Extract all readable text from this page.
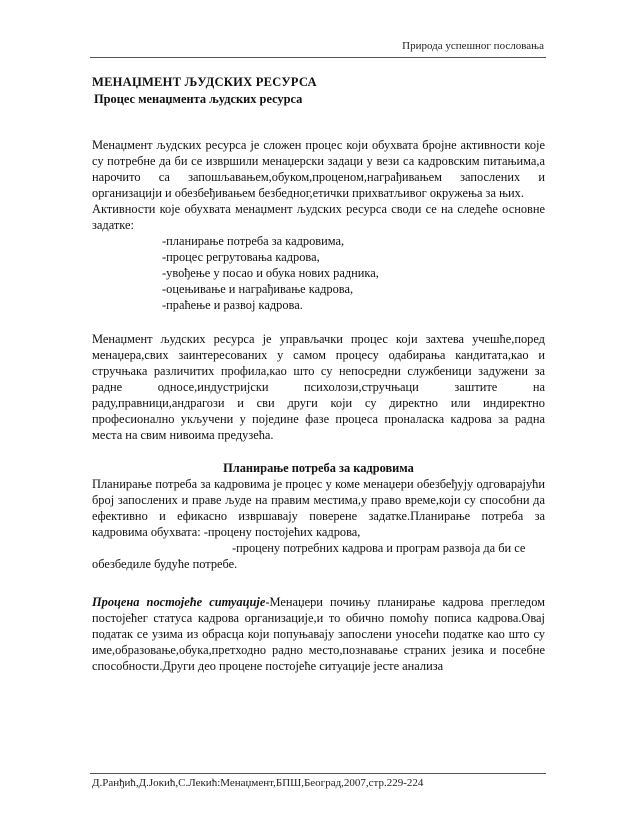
Природа успешног пословања
МЕНАЏМЕНТ ЉУДСКИХ РЕСУРСА
Процес менаџмента људских ресурса

Менаџмент људских ресурса је сложен процес који обухвата бројне активности које су потребне да би се извршили менаџерски задаци у вези са кадровским питањима,а нарочито са запошљавањем,обуком,процeном,награђивањем запослених и организацији и обезбеђивањем безбедног,етички прихватљивог окружења за њих.

Активности које обухвата менаџмент људских ресурса своди се на следеће основне задатке:

-планирање потреба за кадровима,
-процес регрутовања кадрова,
-увођење у посао и обука нових радника,
-оцењивање и награђивање кадрова,
-праћење и развој кадрова.

Менаџмент људских ресурса је управљачки процес који захтева учешће,поред менаџера,свих заинтересованих у самом процесу одабирања кандитата,као и стручњака различитих профила,као што су непосредни службеници задужени за радне односе,индустријски психолози,стручњаци заштите на раду,правници,андрагози и сви други који су директно или индиректно професионално укључени у поједине фазе процеса проналаска кадрова за радна места на свим нивоима предузећа.

Планирање потреба за кадровима

Планирање потреба за кадровима је процес у коме менаџери обезбеђују одговарајући број запослених и праве људе на правим местима,у право време,који су способни да ефективно и ефикасно извршавају поверене задатке.Планирање потреба за кадровима обухвата: -процену постојећих кадрова,

-процену потребних кадрова и програм развоја да би се

обезбедиле будуће потребе.

Процена постојеће ситуације-Менаџери почињу планирање кадрова прегледом постојећег статуса кадрова организације,и то обично помоћу пописа кадрова.Овај податак се узима из обрасца који попуњавају запослени уносећи податке као што су име,образовање,обука,претходно радно место,познавање страних језика и посебне способности.Други део процене постојеће ситуације јесте анализа

Д.Ранђић,Д.Јокић,С.Лекић:Менаџмент,БПШ,Београд,2007,стр.229-224
